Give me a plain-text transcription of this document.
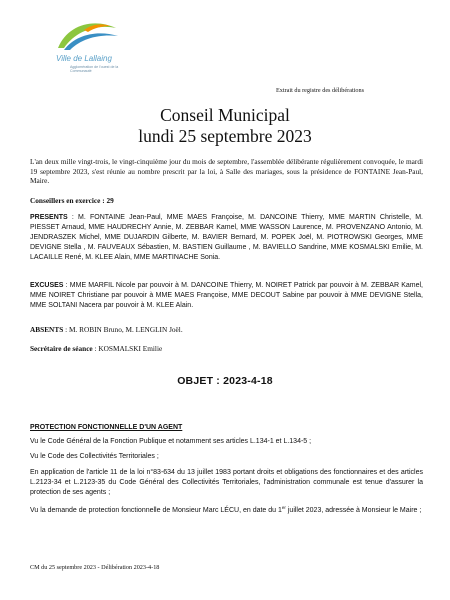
Ville de Lallaing
Agglomération de l'ouest de la Communauté
Extrait du registre des délibérations
Conseil Municipal
lundi 25 septembre 2023
L'an deux mille vingt-trois, le vingt-cinquième jour du mois de septembre, l'assemblée délibérante régulièrement convoquée, le mardi 19 septembre 2023, s'est réunie au nombre prescrit par la loi, à Salle des mariages, sous la présidence de FONTAINE Jean-Paul, Maire.
Conseillers en exercice : 29
PRESENTS : M. FONTAINE Jean-Paul, MME MAES Françoise, M. DANCOINE Thierry, MME MARTIN Christelle, M. PIESSET Arnaud, MME HAUDRECHY Annie, M. ZEBBAR Kamel, MME WASSON Laurence, M. PROVENZANO Antonio, M. JENDRASZEK Michel, MME DUJARDIN Gilberte, M. BAVIER Bernard, M. POPEK Joël, M. PIOTROWSKI Georges, MME DEVIGNE Stella , M. FAUVEAUX Sébastien, M. BASTIEN Guillaume , M. BAVIELLO Sandrine, MME KOSMALSKI Emilie, M. LACAILLE René, M. KLEE Alain, MME MARTINACHE Sonia.
EXCUSES : MME MARFIL Nicole par pouvoir à M. DANCOINE Thierry, M. NOIRET Patrick par pouvoir à M. ZEBBAR Kamel, MME NOIRET Christiane par pouvoir à MME MAES Françoise, MME DECOUT Sabine par pouvoir à MME DEVIGNE Stella, MME SOLTANI Nacera par pouvoir à M. KLEE Alain.
ABSENTS : M. ROBIN Bruno, M. LENGLIN Joël.
Secrétaire de séance : KOSMALSKI Emilie
OBJET : 2023-4-18
PROTECTION FONCTIONNELLE D'UN AGENT
Vu le Code Général de la Fonction Publique et notamment ses articles L.134-1 et L.134-5 ;
Vu le Code des Collectivités Territoriales ;
En application de l'article 11 de la loi n°83-634 du 13 juillet 1983 portant droits et obligations des fonctionnaires et des articles L.2123-34 et L.2123-35 du Code Général des Collectivités Territoriales, l'administration communale est tenue d'assurer la protection de ses agents ;
Vu la demande de protection fonctionnelle de Monsieur Marc LÉCU, en date du 1er juillet 2023, adressée à Monsieur le Maire ;
CM du 25 septembre 2023 - Délibération 2023-4-18
